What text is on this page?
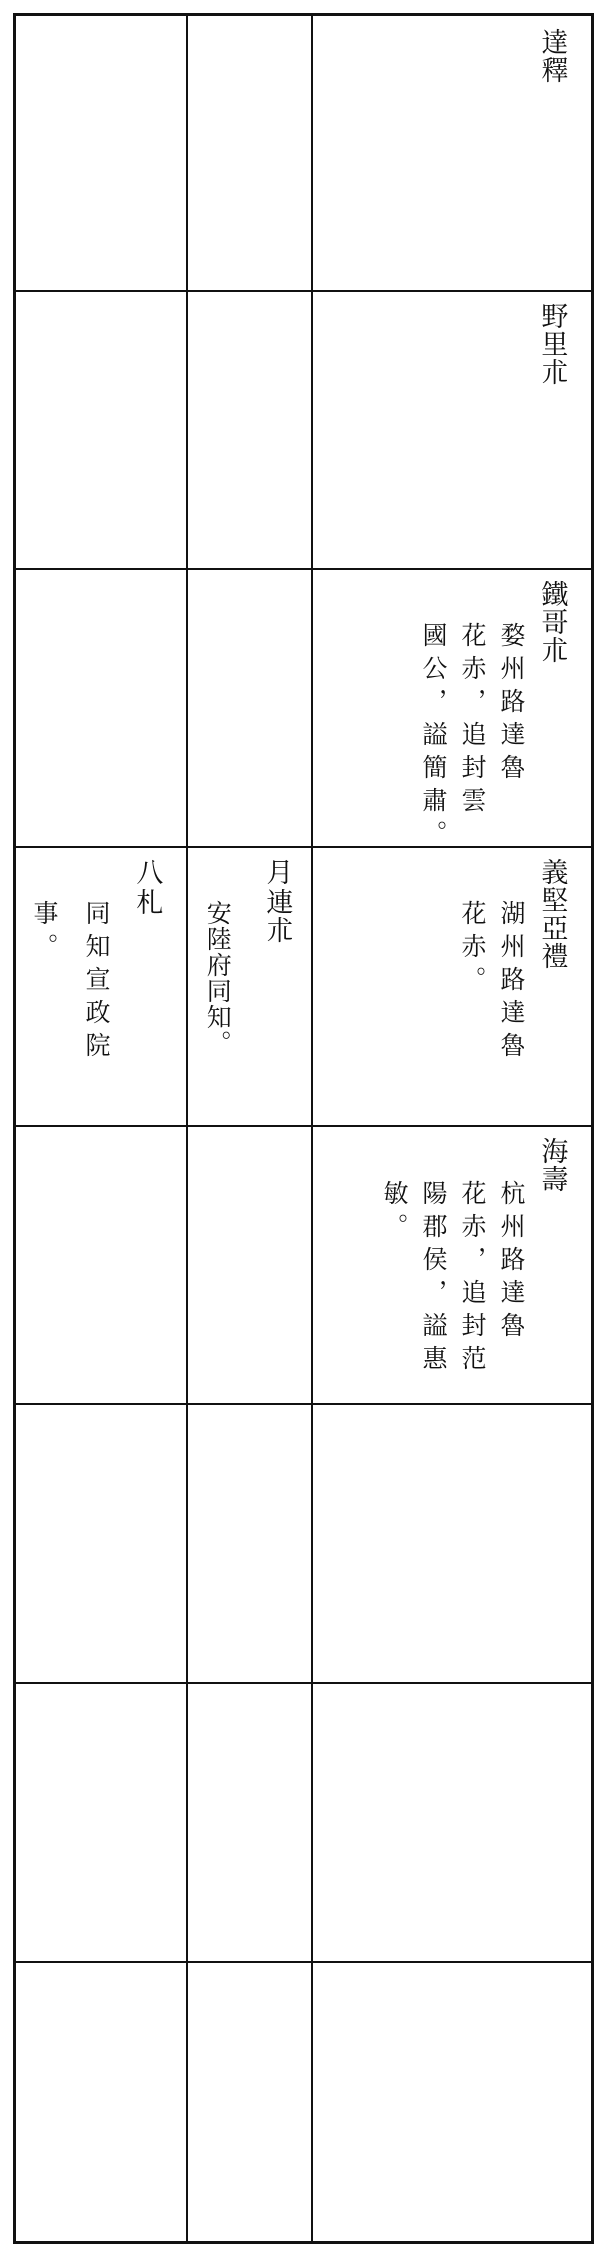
達釋
野里朮
鐵哥朮
婺州路達魯
花赤，追封雲
國公，謚簡肅。
義堅亞禮
湖州路達魯
花赤。
月
連朮
安陸府同知。
八
札
同知宣政院
事。
海壽
杭州路達魯
花赤，追封范
陽郡侯，謚惠
敏。
